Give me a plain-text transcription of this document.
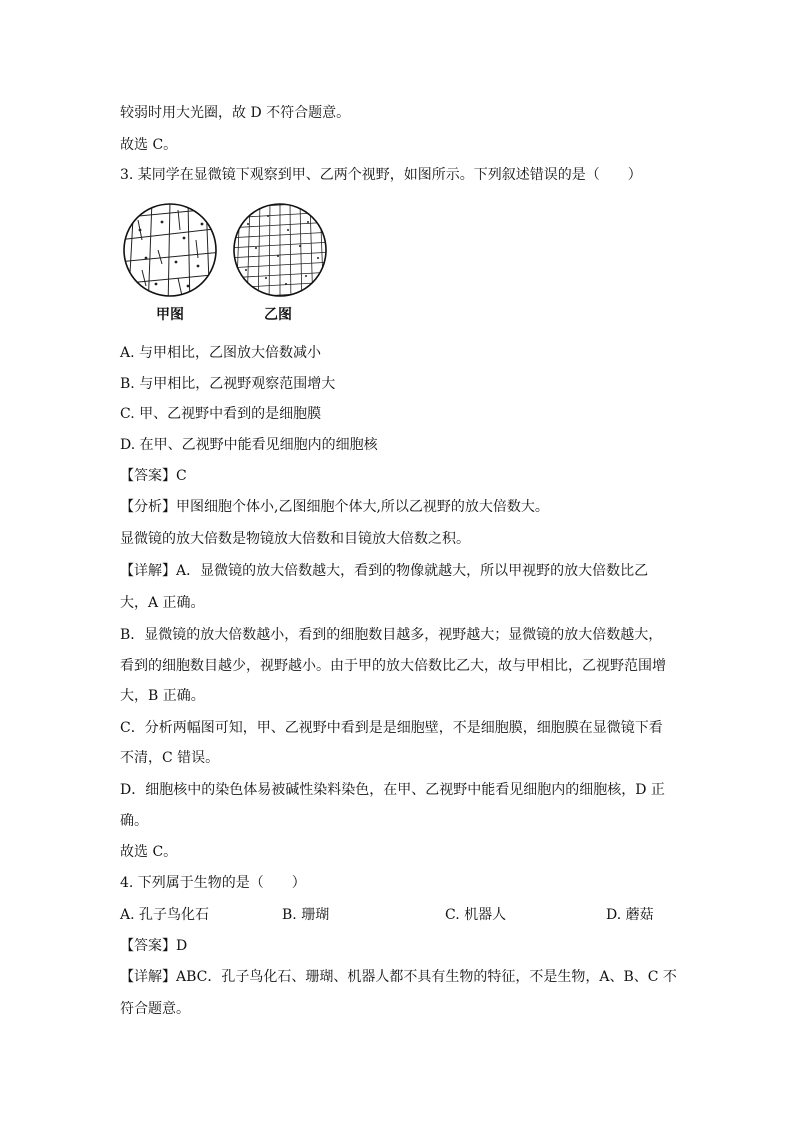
较弱时用大光圈，故 D 不符合题意。
故选 C。
3. 某同学在显微镜下观察到甲、乙两个视野，如图所示。下列叙述错误的是（　　）
甲图	乙图
A. 与甲相比，乙图放大倍数减小
B. 与甲相比，乙视野观察范围增大
C. 甲、乙视野中看到的是细胞膜
D. 在甲、乙视野中能看见细胞内的细胞核
【答案】C
【分析】甲图细胞个体小,乙图细胞个体大,所以乙视野的放大倍数大。
显微镜的放大倍数是物镜放大倍数和目镜放大倍数之积。
【详解】A．显微镜的放大倍数越大，看到的物像就越大，所以甲视野的放大倍数比乙
大，A 正确。
B．显微镜的放大倍数越小，看到的细胞数目越多，视野越大；显微镜的放大倍数越大，
看到的细胞数目越少，视野越小。由于甲的放大倍数比乙大，故与甲相比，乙视野范围增
大，B 正确。
C．分析两幅图可知，甲、乙视野中看到是是细胞壁，不是细胞膜，细胞膜在显微镜下看
不清，C 错误。
D．细胞核中的染色体易被碱性染料染色，在甲、乙视野中能看见细胞内的细胞核，D 正
确。
故选 C。
4. 下列属于生物的是（　　）
A. 孔子鸟化石	B. 珊瑚	C. 机器人	D. 蘑菇
【答案】D
【详解】ABC．孔子鸟化石、珊瑚、机器人都不具有生物的特征，不是生物，A、B、C 不
符合题意。
